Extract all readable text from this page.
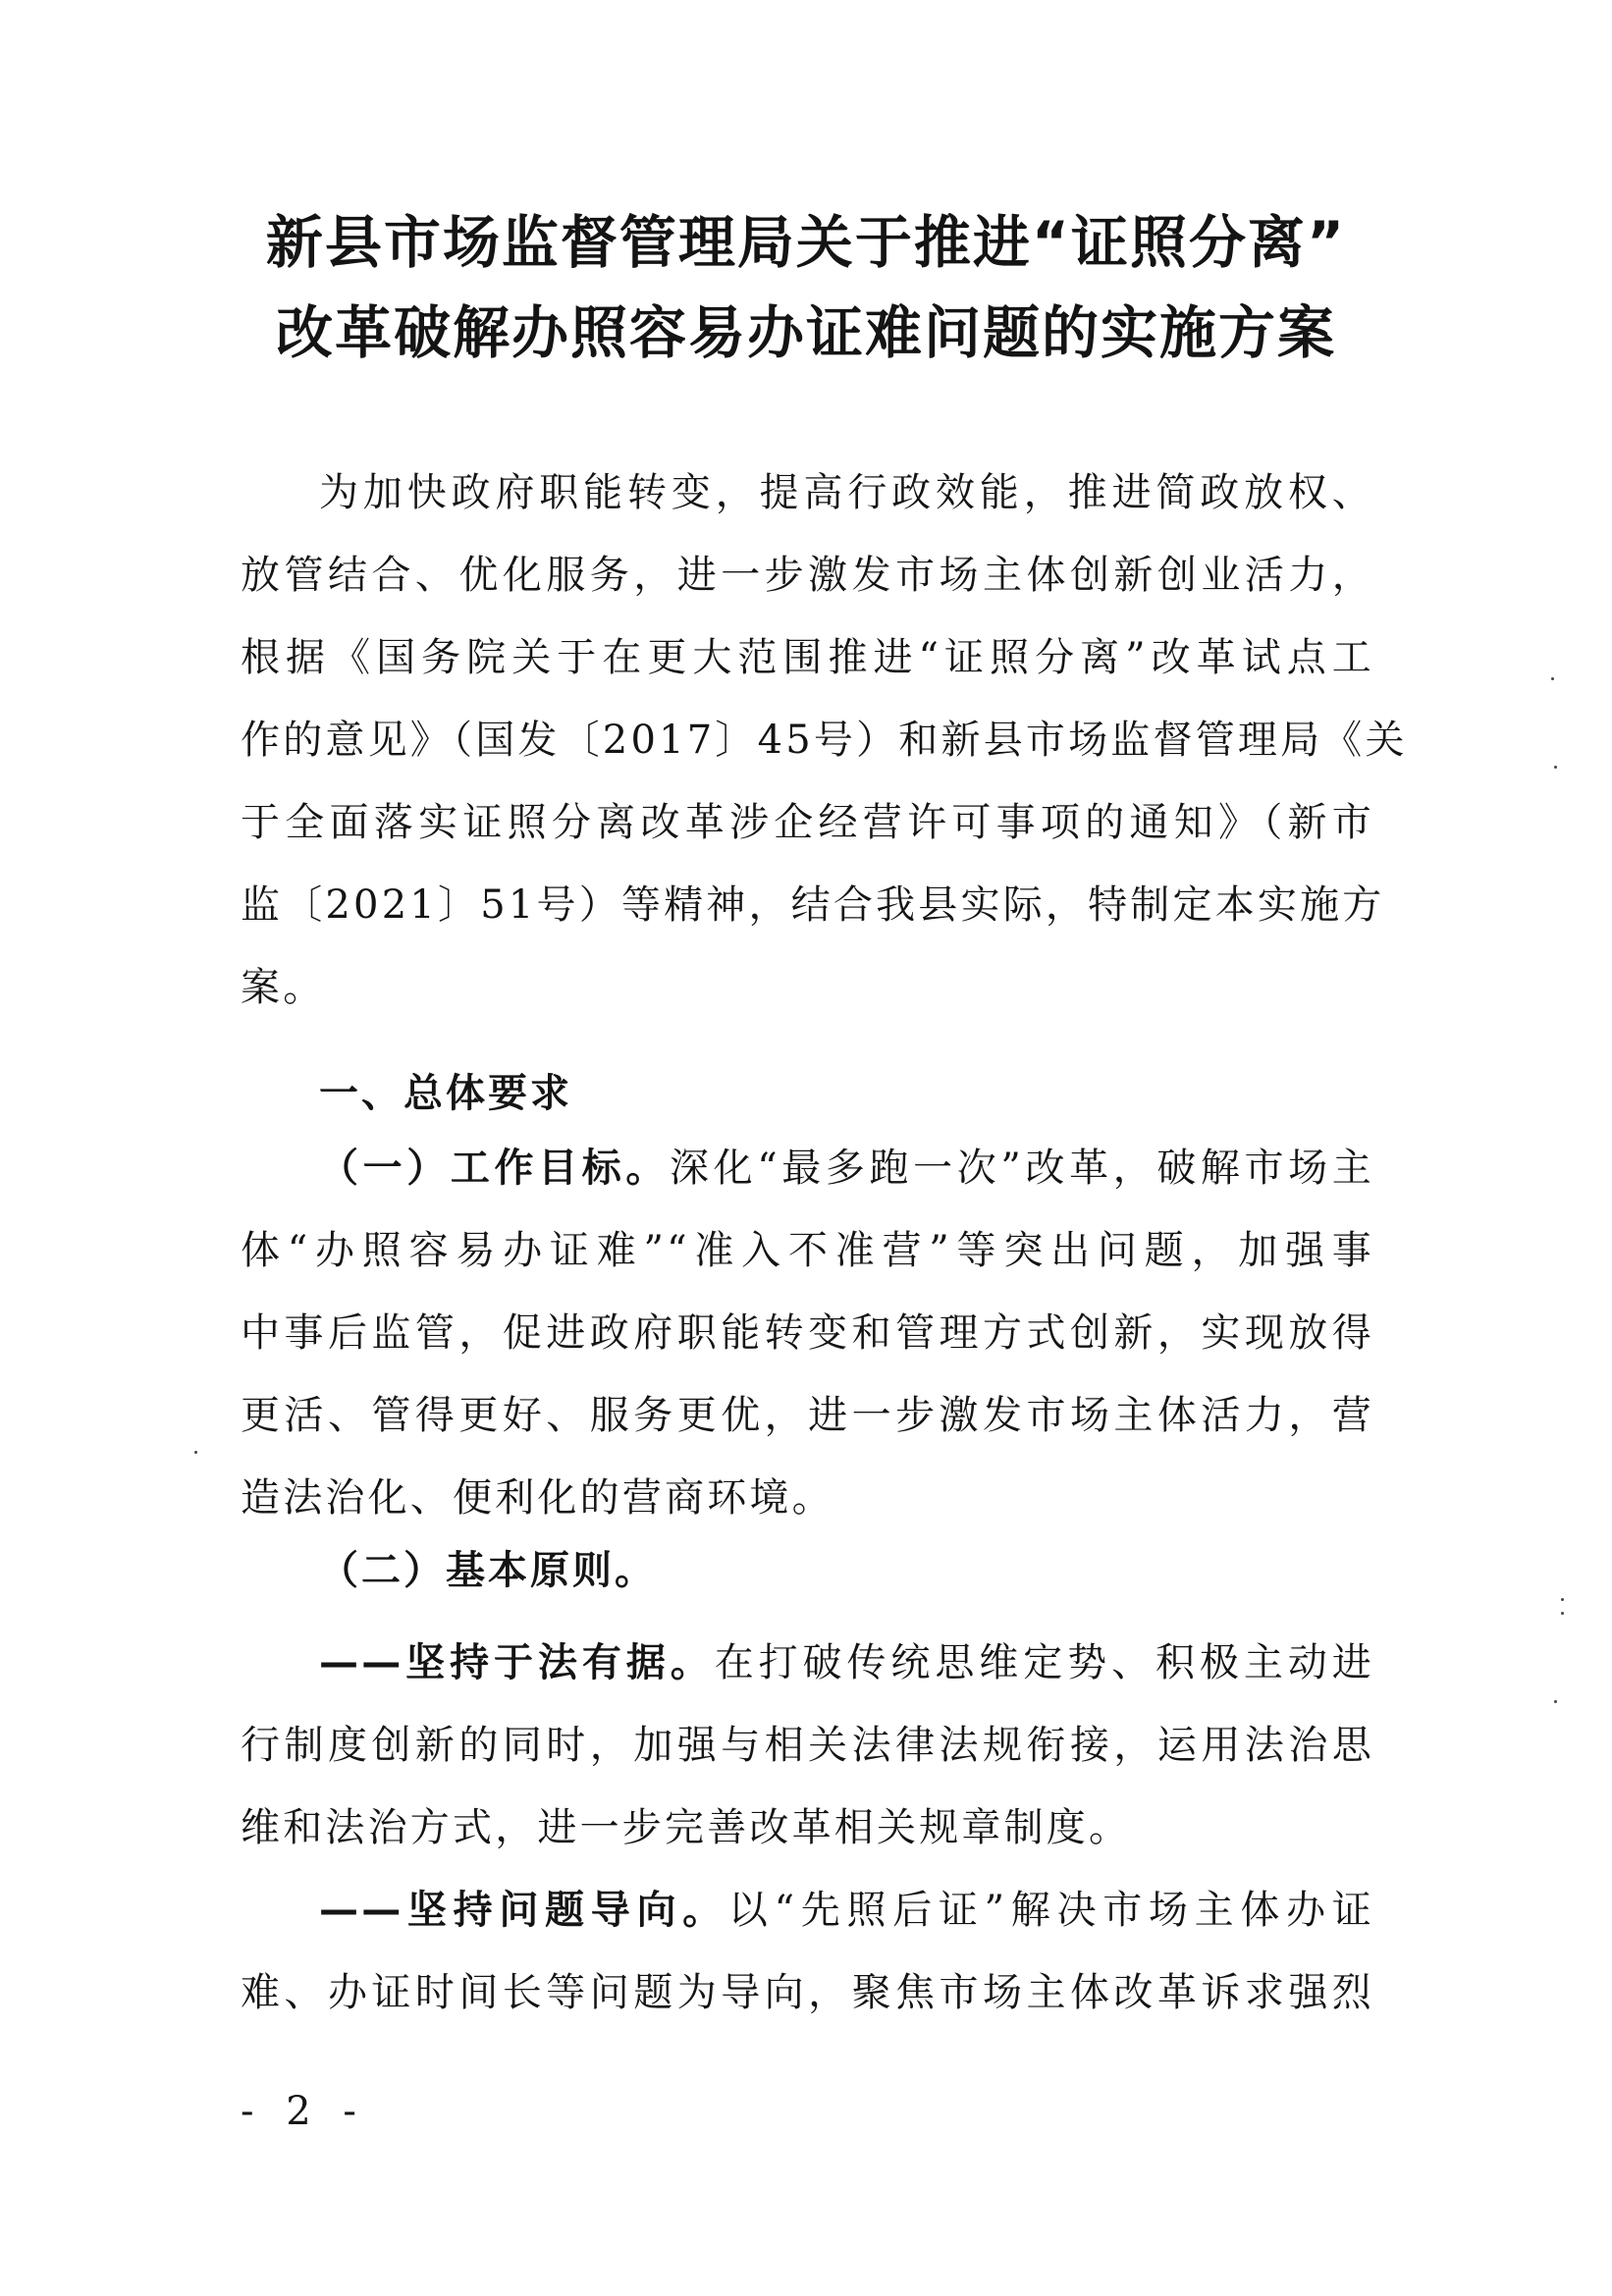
新县市场监督管理局关于推进“证照分离”
改革破解办照容易办证难问题的实施方案
为加快政府职能转变，提高行政效能，推进简政放权、
放管结合、优化服务，进一步激发市场主体创新创业活力，
根据《国务院关于在更大范围推进“证照分离”改革试点工
作的意见》（国发〔2017〕45号）和新县市场监督管理局《关
于全面落实证照分离改革涉企经营许可事项的通知》（新市
监〔2021〕51号）等精神，结合我县实际，特制定本实施方
案。
一、总体要求
（一）工作目标。深化“最多跑一次”改革，破解市场主
体“办照容易办证难”“准入不准营”等突出问题，加强事
中事后监管，促进政府职能转变和管理方式创新，实现放得
更活、管得更好、服务更优，进一步激发市场主体活力，营
造法治化、便利化的营商环境。
（二）基本原则。
——坚持于法有据。在打破传统思维定势、积极主动进
行制度创新的同时，加强与相关法律法规衔接，运用法治思
维和法治方式，进一步完善改革相关规章制度。
——坚持问题导向。以“先照后证”解决市场主体办证
难、办证时间长等问题为导向，聚焦市场主体改革诉求强烈
- 2 -
